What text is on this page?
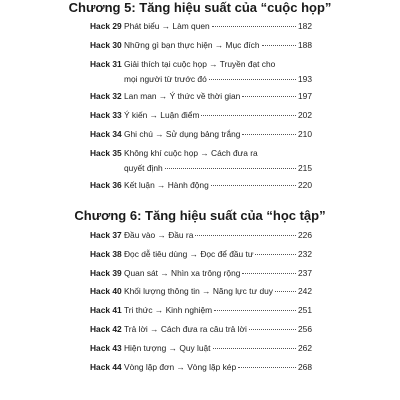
Chương 5: Tăng hiệu suất của “cuộc họp”
Hack 29 Phát biểu → Làm quen	182
Hack 30 Những gì bạn thực hiện → Mục đích	188
Hack 31 Giải thích tại cuộc họp → Truyền đạt cho
mọi người từ trước đó	193
Hack 32 Lan man → Ý thức về thời gian	197
Hack 33 Ý kiến → Luận điểm	202
Hack 34 Ghi chú → Sử dụng bảng trắng	210
Hack 35 Không khí cuộc họp → Cách đưa ra
quyết định	215
Hack 36 Kết luận → Hành động	220
Chương 6: Tăng hiệu suất của “học tập”
Hack 37 Đầu vào → Đầu ra	226
Hack 38 Đọc dễ tiêu dùng → Đọc để đầu tư	232
Hack 39 Quan sát → Nhìn xa trông rộng	237
Hack 40 Khối lượng thông tin → Năng lực tư duy	242
Hack 41 Tri thức → Kinh nghiệm	251
Hack 42 Trả lời → Cách đưa ra câu trả lời	256
Hack 43 Hiện tượng → Quy luật	262
Hack 44 Vòng lặp đơn → Vòng lặp kép	268
